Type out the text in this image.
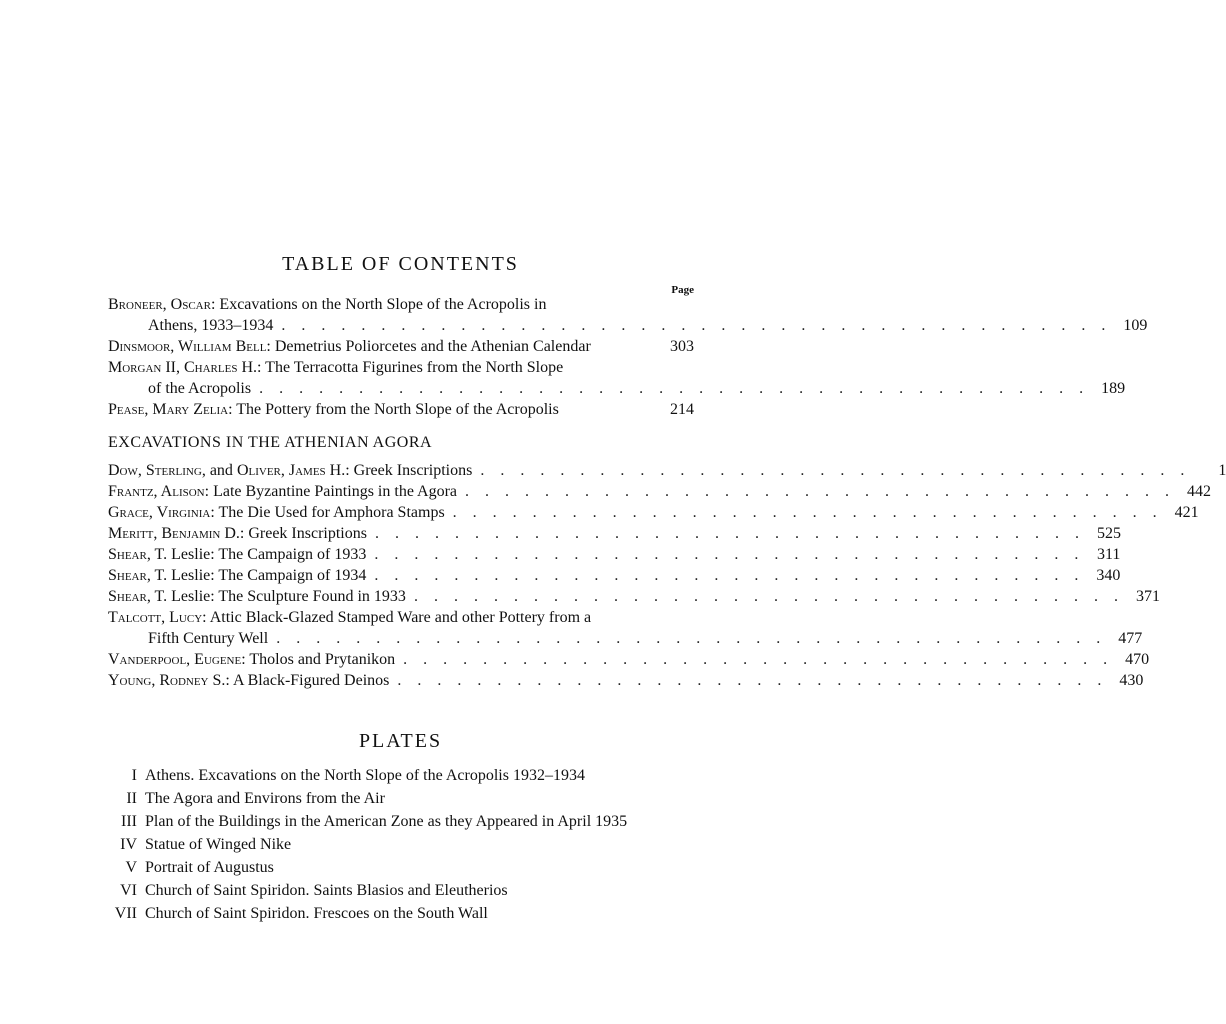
TABLE OF CONTENTS
Page
Broneer, Oscar: Excavations on the North Slope of the Acropolis in
Athens, 1933–1934 . . . . . . . . . . . . . . . . . . . . . . . . . . . . . . . . . . . . . . . . . . 109
Dinsmoor, William Bell: Demetrius Poliorcetes and the Athenian Calendar	303
Morgan II, Charles H.: The Terracotta Figurines from the North Slope
of the Acropolis . . . . . . . . . . . . . . . . . . . . . . . . . . . . . . . . . . . . . . . . . . 189
Pease, Mary Zelia: The Pottery from the North Slope of the Acropolis	214
EXCAVATIONS IN THE ATHENIAN AGORA
Dow, Sterling, and Oliver, James H.: Greek Inscriptions . . . . . . . . . . . . . . . . . . . . . . . . . . . . . . . . . . . .	1
Frantz, Alison: Late Byzantine Paintings in the Agora . . . . . . . . . . . . . . . . . . . . . . . . . . . . . . . . . . . . 442
Grace, Virginia: The Die Used for Amphora Stamps . . . . . . . . . . . . . . . . . . . . . . . . . . . . . . . . . . . . 421
Meritt, Benjamin D.: Greek Inscriptions . . . . . . . . . . . . . . . . . . . . . . . . . . . . . . . . . . . . 525
Shear, T. Leslie: The Campaign of 1933 . . . . . . . . . . . . . . . . . . . . . . . . . . . . . . . . . . . . 311
Shear, T. Leslie: The Campaign of 1934 . . . . . . . . . . . . . . . . . . . . . . . . . . . . . . . . . . . . 340
Shear, T. Leslie: The Sculpture Found in 1933 . . . . . . . . . . . . . . . . . . . . . . . . . . . . . . . . . . . . 371
Talcott, Lucy: Attic Black-Glazed Stamped Ware and other Pottery from a
Fifth Century Well . . . . . . . . . . . . . . . . . . . . . . . . . . . . . . . . . . . . . . . . . . 477
Vanderpool, Eugene: Tholos and Prytanikon . . . . . . . . . . . . . . . . . . . . . . . . . . . . . . . . . . . . 470
Young, Rodney S.: A Black-Figured Deinos . . . . . . . . . . . . . . . . . . . . . . . . . . . . . . . . . . . . 430
PLATES
I Athens. Excavations on the North Slope of the Acropolis 1932–1934
II The Agora and Environs from the Air
III Plan of the Buildings in the American Zone as they Appeared in April 1935
IV Statue of Winged Nike
V Portrait of Augustus
VI Church of Saint Spiridon. Saints Blasios and Eleutherios
VII Church of Saint Spiridon. Frescoes on the South Wall
